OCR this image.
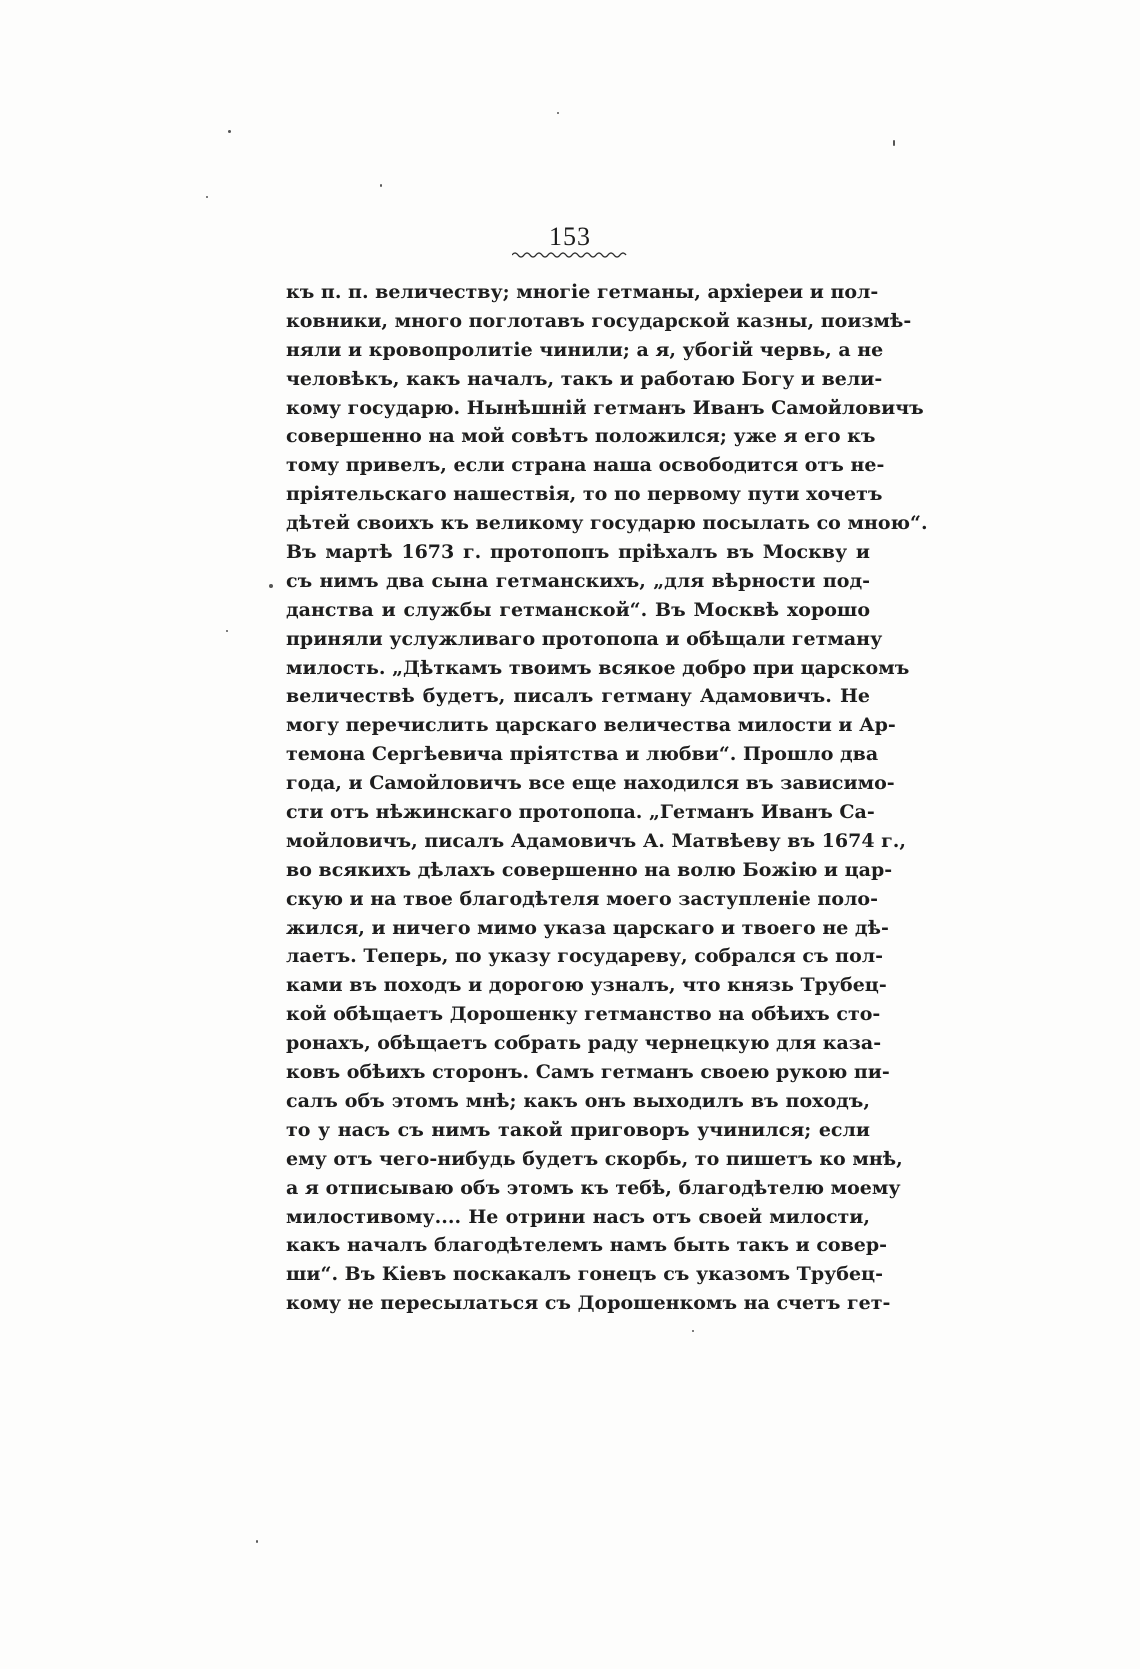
153
къ п. п. величеству; многіе гетманы, архіереи и пол-
ковники, много поглотавъ государской казны, поизмѣ-
няли и кровопролитіе чинили; а я, убогій червь, а не
человѣкъ, какъ началъ, такъ и работаю Богу и вели-
кому государю. Нынѣшній гетманъ Иванъ Самойловичъ
совершенно на мой совѣтъ положился; уже я его къ
тому привелъ, если страна наша освободится отъ не-
пріятельскаго нашествія, то по первому пути хочетъ
дѣтей своихъ къ великому государю посылать со мною“.
Въ мартѣ 1673 г. протопопъ пріѣхалъ въ Москву и
съ нимъ два сына гетманскихъ, „для вѣрности под-
данства и службы гетманской“. Въ Москвѣ хорошо
приняли услужливаго протопопа и обѣщали гетману
милость. „Дѣткамъ твоимъ всякое добро при царскомъ
величествѣ будетъ, писалъ гетману Адамовичъ. Не
могу перечислить царскаго величества милости и Ар-
темона Сергѣевича пріятства и любви“. Прошло два
года, и Самойловичъ все еще находился въ зависимо-
сти отъ нѣжинскаго протопопа. „Гетманъ Иванъ Са-
мойловичъ, писалъ Адамовичъ А. Матвѣеву въ 1674 г.,
во всякихъ дѣлахъ совершенно на волю Божію и цар-
скую и на твое благодѣтеля моего заступленіе поло-
жился, и ничего мимо указа царскаго и твоего не дѣ-
лаетъ. Теперь, по указу государеву, собрался съ пол-
ками въ походъ и дорогою узналъ, что князь Трубец-
кой обѣщаетъ Дорошенку гетманство на обѣихъ сто-
ронахъ, обѣщаетъ собрать раду чернецкую для каза-
ковъ обѣихъ сторонъ. Самъ гетманъ своею рукою пи-
салъ объ этомъ мнѣ; какъ онъ выходилъ въ походъ,
то у насъ съ нимъ такой приговоръ учинился; если
ему отъ чего-нибудь будетъ скорбь, то пишетъ ко мнѣ,
а я отписываю объ этомъ къ тебѣ, благодѣтелю моему
милостивому.... Не отрини насъ отъ своей милости,
какъ началъ благодѣтелемъ намъ быть такъ и совер-
ши“. Въ Кіевъ поскакалъ гонецъ съ указомъ Трубец-
кому не пересылаться съ Дорошенкомъ на счетъ гет-
